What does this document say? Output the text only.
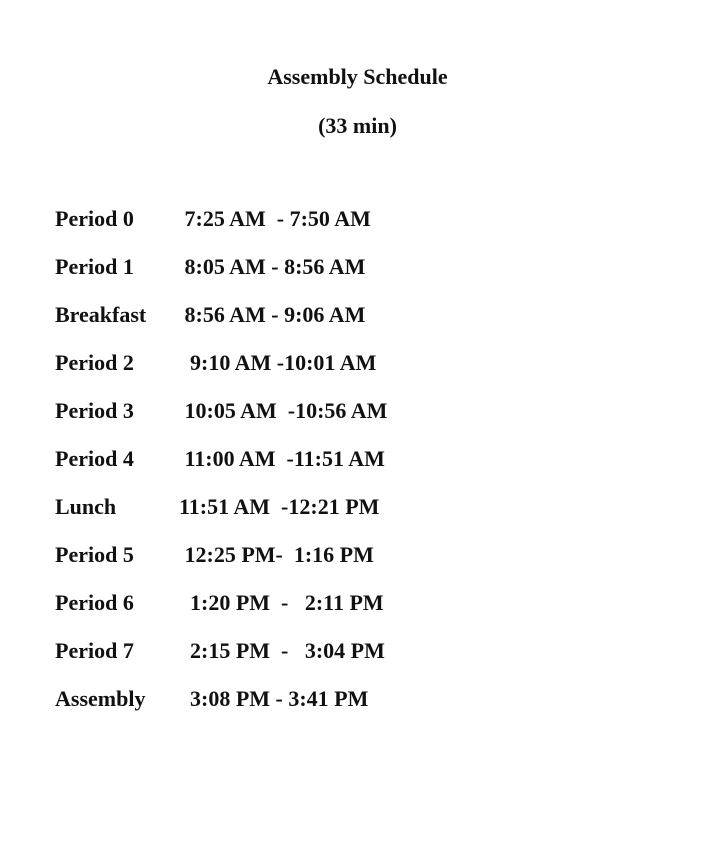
Assembly Schedule
(33 min)

Period 0

7:25 AM  - 7:50 AM

Period 1

8:05 AM - 8:56 AM

Breakfast

8:56 AM - 9:06 AM

Period 2

9:10 AM -10:01 AM

Period 3

10:05 AM  -10:56 AM

Period 4

11:00 AM  -11:51 AM

Lunch

	11:51 AM  -12:21 PM

Period 5

12:25 PM-  1:16 PM

Period 6

1:20 PM  -   2:11 PM

Period 7

2:15 PM  -   3:04 PM

Assembly

3:08 PM - 3:41 PM
